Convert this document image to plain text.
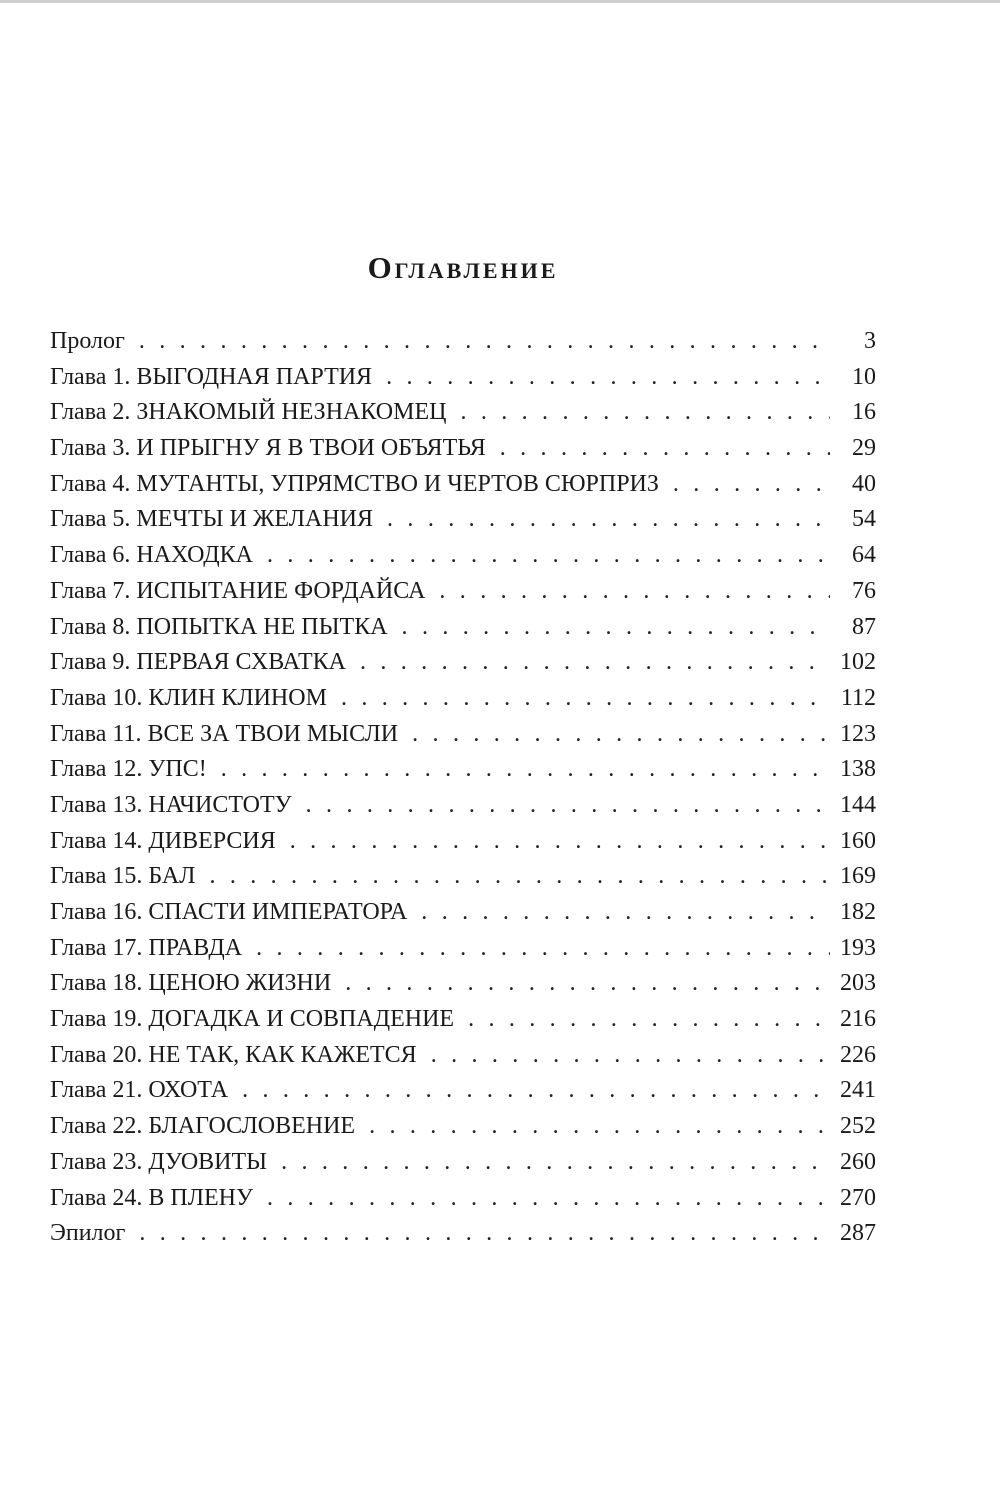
Оглавление
Пролог . . .	3
Глава 1. ВЫГОДНАЯ ПАРТИЯ . . .	10
Глава 2. ЗНАКОМЫЙ НЕЗНАКОМЕЦ . . .	16
Глава 3. И ПРЫГНУ Я В ТВОИ ОБЪЯТЬЯ . . .	29
Глава 4. МУТАНТЫ, УПРЯМСТВО И ЧЕРТОВ СЮРПРИЗ . . .	40
Глава 5. МЕЧТЫ И ЖЕЛАНИЯ . . .	54
Глава 6. НАХОДКА . . .	64
Глава 7. ИСПЫТАНИЕ ФОРДАЙСА . . .	76
Глава 8. ПОПЫТКА НЕ ПЫТКА . . .	87
Глава 9. ПЕРВАЯ СХВАТКА . . .	102
Глава 10. КЛИН КЛИНОМ . . .	112
Глава 11. ВСЕ ЗА ТВОИ МЫСЛИ . . .	123
Глава 12. УПС! . . .	138
Глава 13. НАЧИСТОТУ . . .	144
Глава 14. ДИВЕРСИЯ . . .	160
Глава 15. БАЛ . . .	169
Глава 16. СПАСТИ ИМПЕРАТОРА . . .	182
Глава 17. ПРАВДА . . .	193
Глава 18. ЦЕНОЮ ЖИЗНИ . . .	203
Глава 19. ДОГАДКА И СОВПАДЕНИЕ . . .	216
Глава 20. НЕ ТАК, КАК КАЖЕТСЯ . . .	226
Глава 21. ОХОТА . . .	241
Глава 22. БЛАГОСЛОВЕНИЕ . . .	252
Глава 23. ДУОВИТЫ . . .	260
Глава 24. В ПЛЕНУ . . .	270
Эпилог . . .	287
